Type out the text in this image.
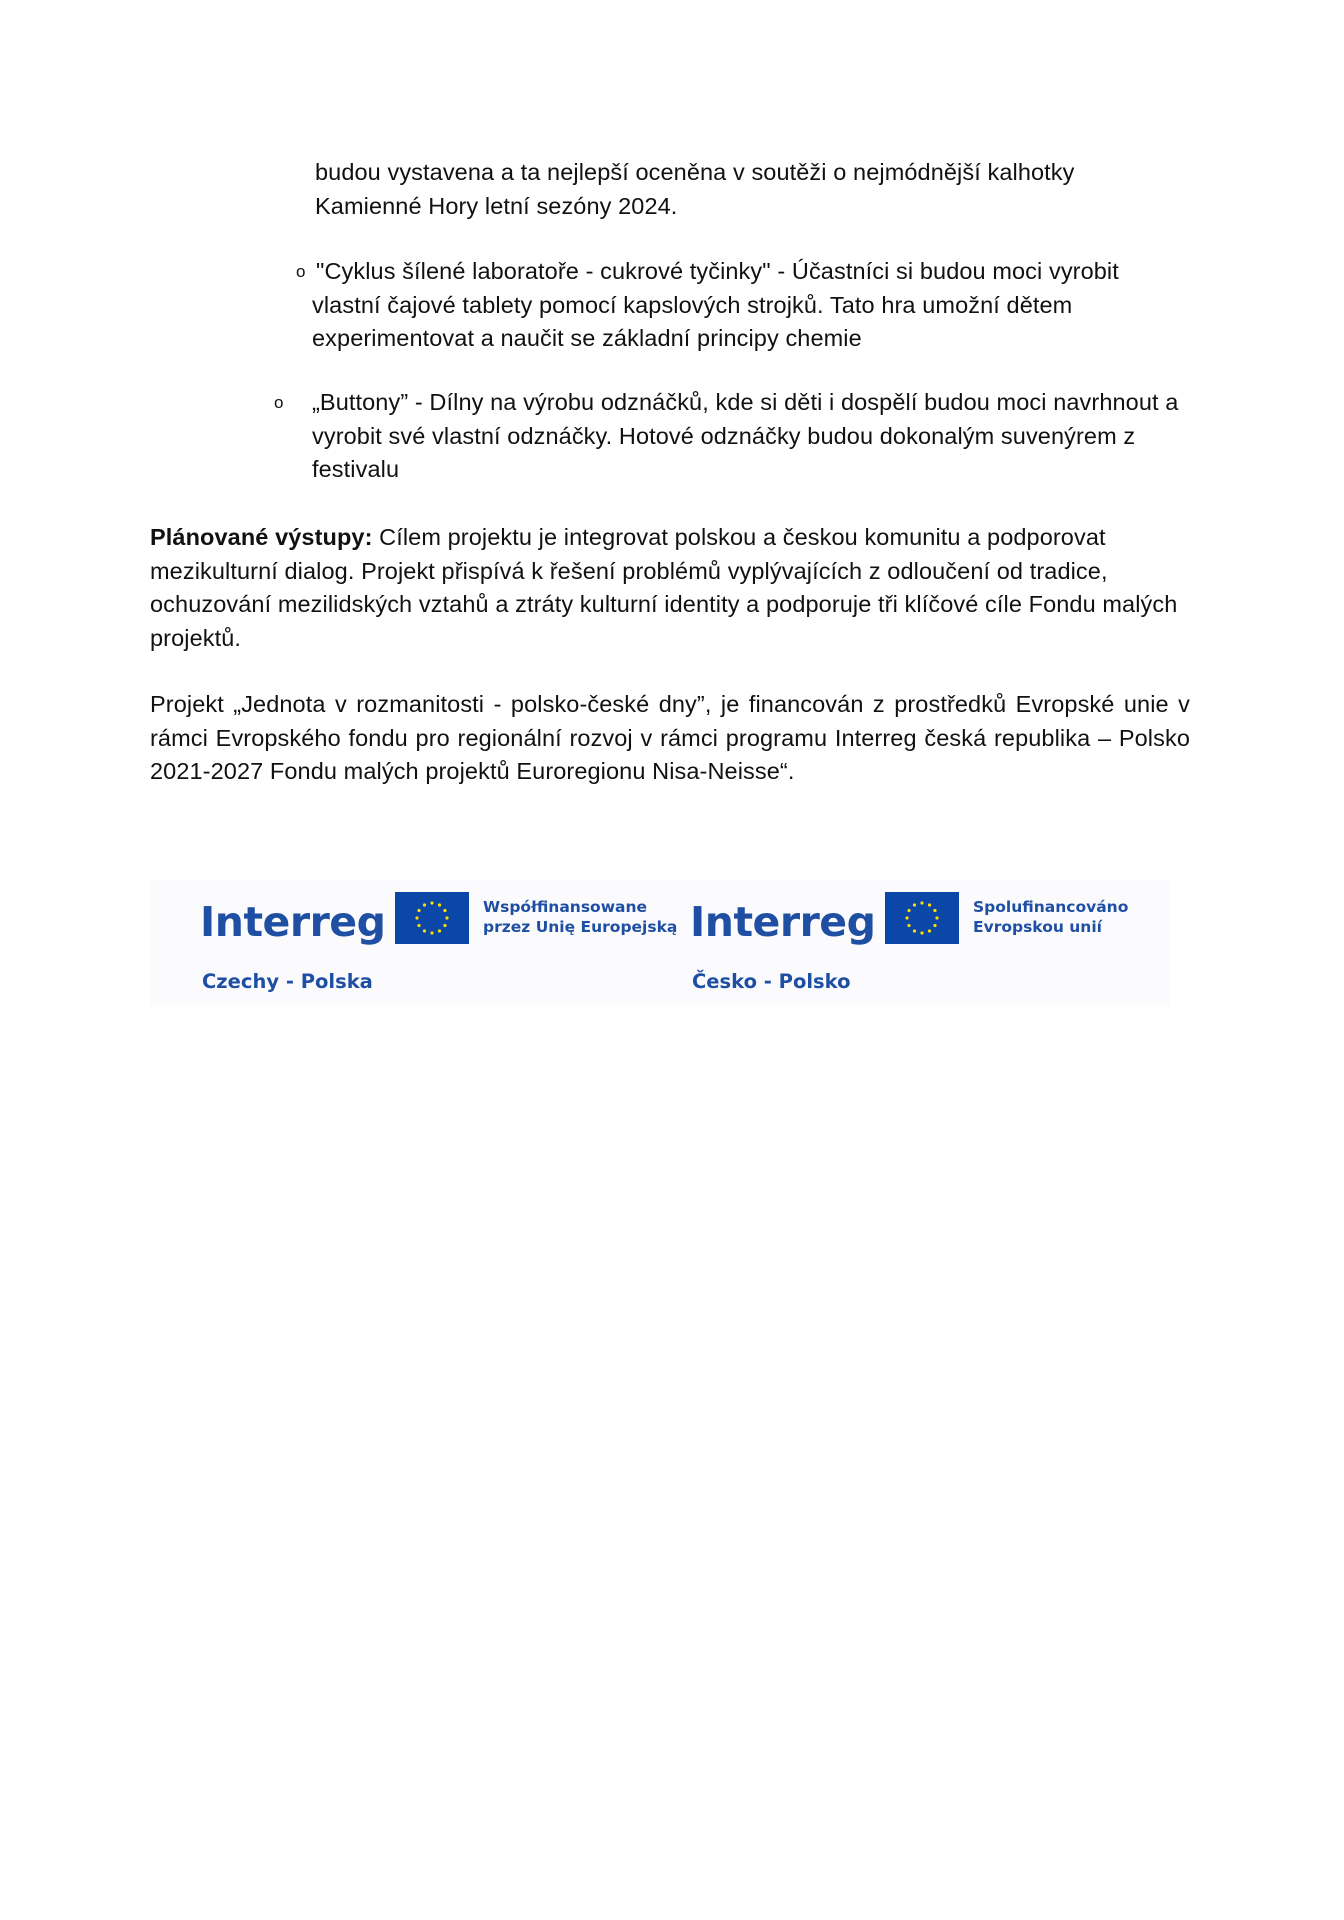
budou vystavena a ta nejlepší oceněna v soutěži o nejmódnější kalhotky
Kamienné Hory letní sezóny 2024.
o "Cyklus šílené laboratoře - cukrové tyčinky" - Účastníci si budou moci vyrobit vlastní čajové tablety pomocí kapslových strojků. Tato hra umožní dětem experimentovat a naučit se základní principy chemie

o „Buttony” - Dílny na výrobu odznáčků, kde si děti i dospělí budou moci navrhnout a vyrobit své vlastní odznáčky. Hotové odznáčky budou dokonalým suvenýrem z festivalu

Plánované výstupy: Cílem projektu je integrovat polskou a českou komunitu a podporovat mezikulturní dialog. Projekt přispívá k řešení problémů vyplývajících z odloučení od tradice, ochuzování mezilidských vztahů a ztráty kulturní identity a podporuje tři klíčové cíle Fondu malých projektů.

Projekt „Jednota v rozmanitosti - polsko-české dny”, je financován z prostředků Evropské unie v rámci Evropského fondu pro regionální rozvoj v rámci programu Interreg česká republika – Polsko 2021-2027 Fondu malých projektů Euroregionu Nisa-Neisse“.

Interreg	Współfinansowane
przez Unię Europejską
Czechy - Polska
Interreg	Spolufinancováno
Evropskou unií
Česko - Polsko
